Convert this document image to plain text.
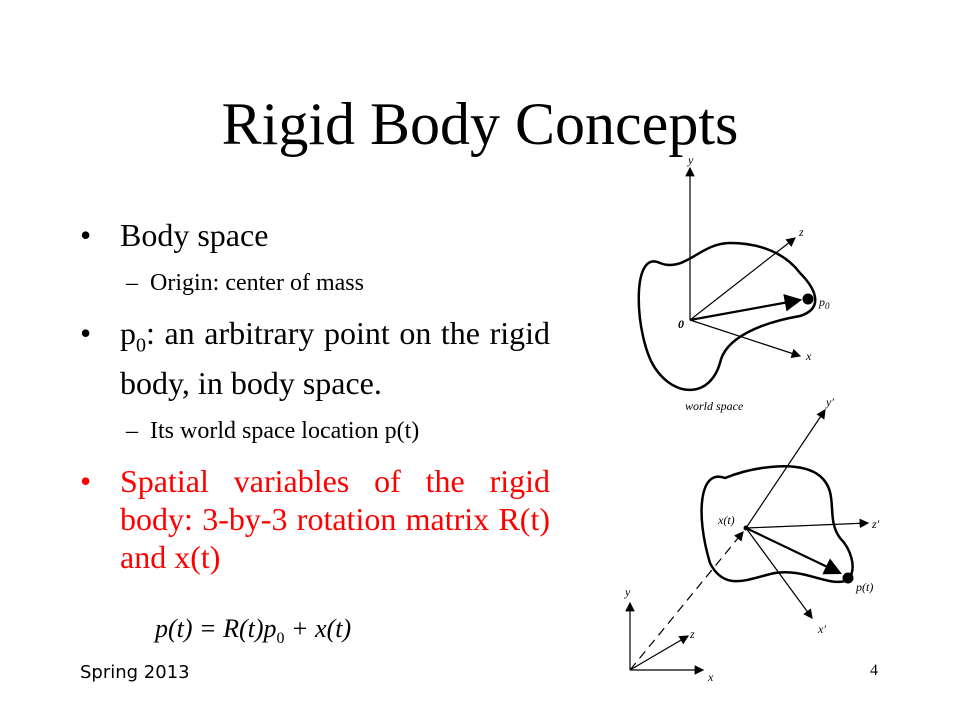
Rigid Body Concepts
• Body space
– Origin: center of mass
• $p_0$: an arbitrary point on the rigid body, in body space.
– Its world space location p(t)
• Spatial variables of the rigid body: 3-by-3 rotation matrix R(t) and x(t)
$p(t) = R(t)p_0 + x(t)$
y
z
x
0
$p_0$
world space	y′
z′
x′
x(t)
p(t)
y
z
x
Spring 2013	4
